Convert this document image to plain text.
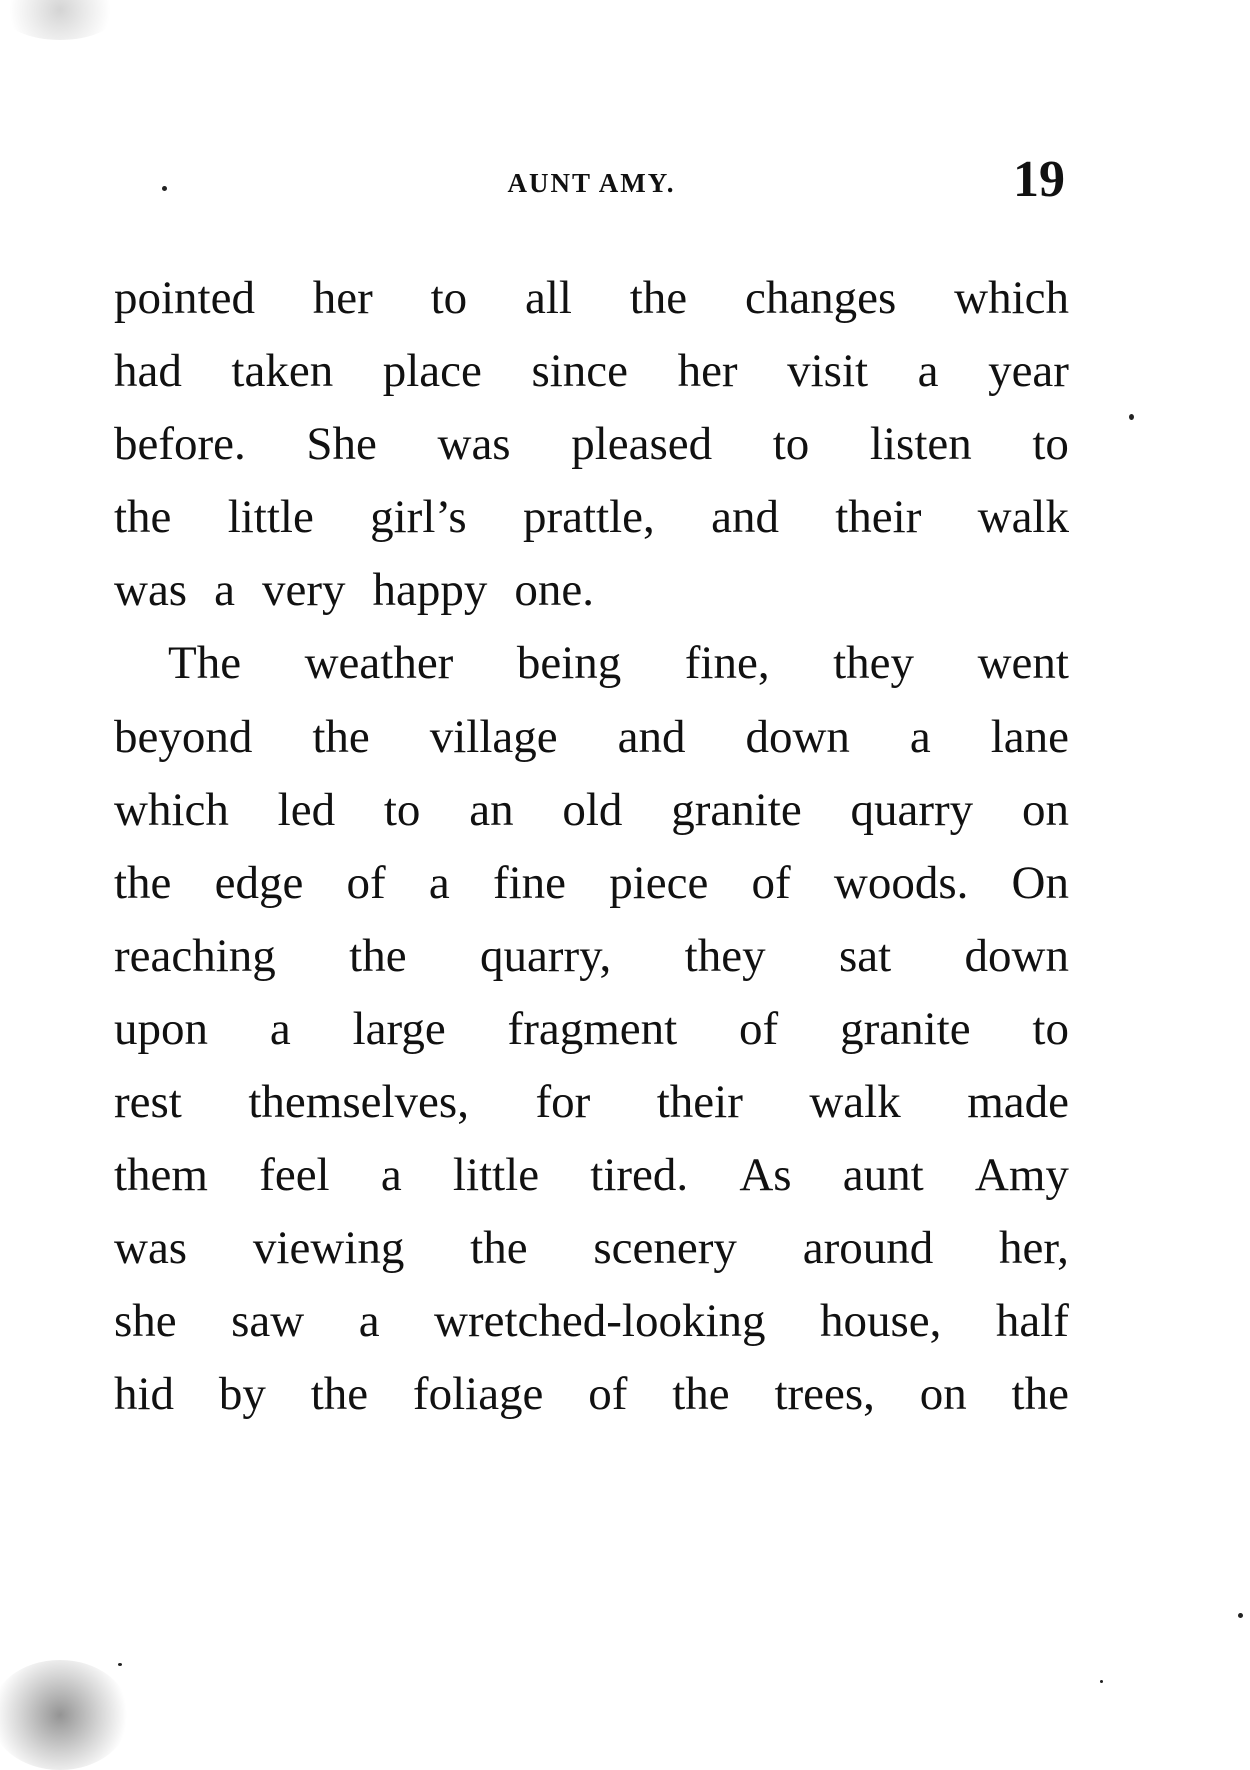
AUNT AMY.	19
pointed her to all the changes which
had taken place since her visit a year
before. She was pleased to listen to
the little girl’s prattle, and their walk
was a very happy one.
The weather being fine, they went
beyond the village and down a lane
which led to an old granite quarry on
the edge of a fine piece of woods. On
reaching the quarry, they sat down
upon a large fragment of granite to
rest themselves, for their walk made
them feel a little tired. As aunt Amy
was viewing the scenery around her,
she saw a wretched-looking house, half
hid by the foliage of the trees, on the
